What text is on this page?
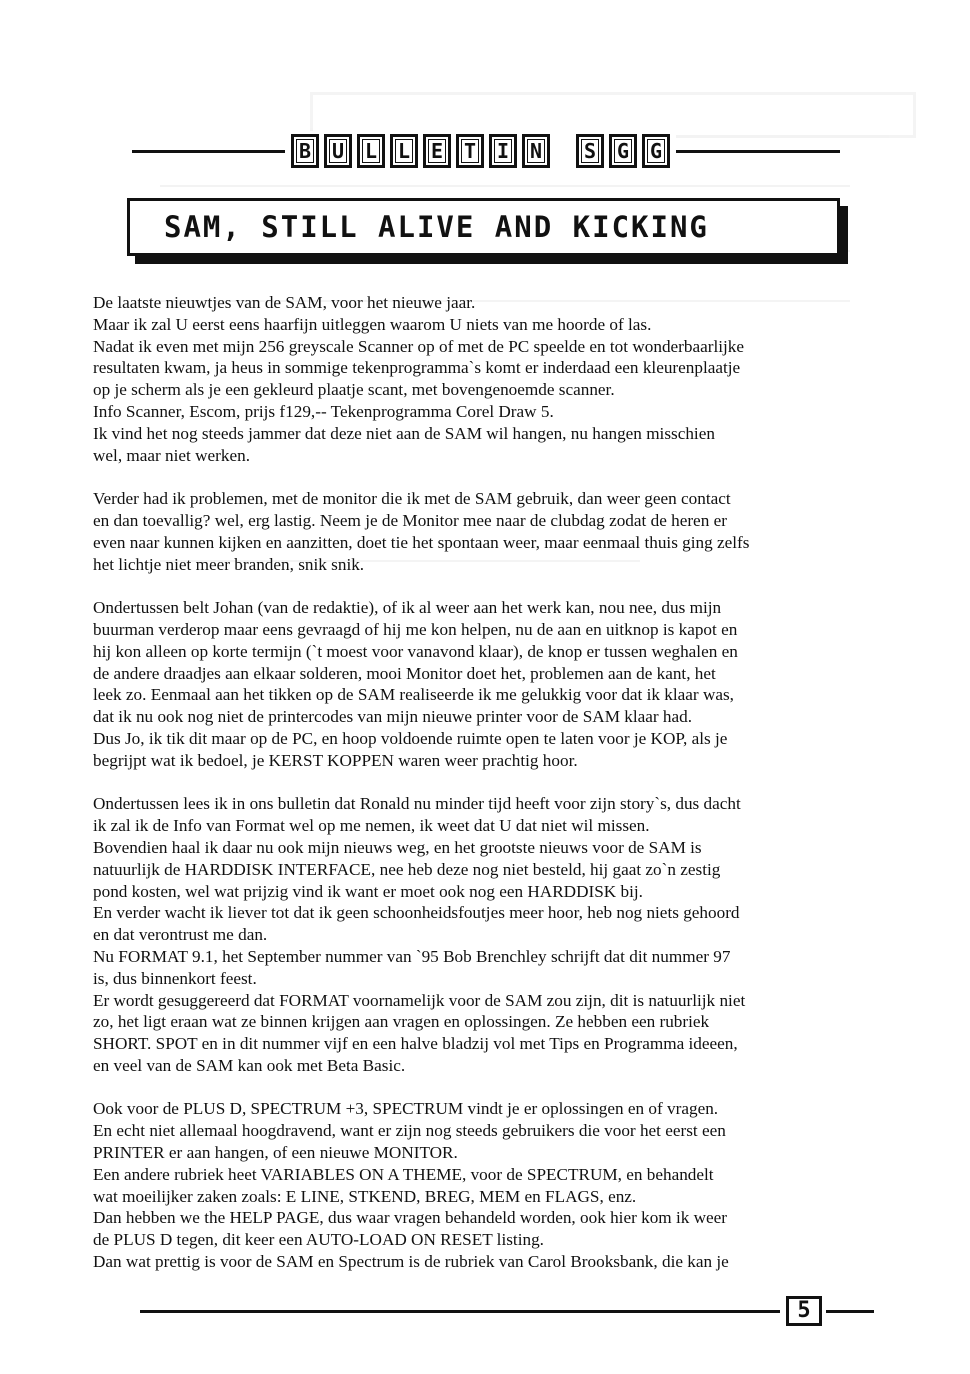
B	U	L	L	E	T	I	N	S	G	G
SAM, STILL ALIVE AND KICKING

De laatste nieuwtjes van de SAM, voor het nieuwe jaar.

Maar ik zal U eerst eens haarfijn uitleggen waarom U niets van me hoorde of las.

Nadat ik even met mijn 256 greyscale Scanner op of met de PC speelde en tot wonderbaarlijke

resultaten kwam, ja heus in sommige tekenprogramma`s komt er inderdaad een kleurenplaatje

op je scherm als je een gekleurd plaatje scant, met bovengenoemde scanner.

Info Scanner, Escom, prijs f129,-- Tekenprogramma Corel Draw 5.

Ik vind het nog steeds jammer dat deze niet aan de SAM wil hangen, nu hangen misschien

wel, maar niet werken.

Verder had ik problemen, met de monitor die ik met de SAM gebruik, dan weer geen contact

en dan toevallig? wel, erg lastig. Neem je de Monitor mee naar de clubdag zodat de heren er

even naar kunnen kijken en aanzitten, doet tie het spontaan weer, maar eenmaal thuis ging zelfs

het lichtje niet meer branden, snik snik.

Ondertussen belt Johan (van de redaktie), of ik al weer aan het werk kan, nou nee, dus mijn

buurman verderop maar eens gevraagd of hij me kon helpen, nu de aan en uitknop is kapot en

hij kon alleen op korte termijn (`t moest voor vanavond klaar), de knop er tussen weghalen en

de andere draadjes aan elkaar solderen, mooi Monitor doet het, problemen aan de kant, het

leek zo. Eenmaal aan het tikken op de SAM realiseerde ik me gelukkig voor dat ik klaar was,

dat ik nu ook nog niet de printercodes van mijn nieuwe printer voor de SAM klaar had.

Dus Jo, ik tik dit maar op de PC, en hoop voldoende ruimte open te laten voor je KOP, als je

begrijpt wat ik bedoel, je KERST KOPPEN waren weer prachtig hoor.

Ondertussen lees ik in ons bulletin dat Ronald nu minder tijd heeft voor zijn story`s, dus dacht

ik zal ik de Info van Format wel op me nemen, ik weet dat U dat niet wil missen.

Bovendien haal ik daar nu ook mijn nieuws weg, en het grootste nieuws voor de SAM is

natuurlijk de HARDDISK INTERFACE, nee heb deze nog niet besteld, hij gaat zo`n zestig

pond kosten, wel wat prijzig vind ik want er moet ook nog een HARDDISK bij.

En verder wacht ik liever tot dat ik geen schoonheidsfoutjes meer hoor, heb nog niets gehoord

en dat verontrust me dan.

Nu FORMAT 9.1, het September nummer van `95 Bob Brenchley schrijft dat dit nummer 97

is, dus binnenkort feest.

Er wordt gesuggereerd dat FORMAT voornamelijk voor de SAM zou zijn, dit is natuurlijk niet

zo, het ligt eraan wat ze binnen krijgen aan vragen en oplossingen. Ze hebben een rubriek

SHORT. SPOT en in dit nummer vijf en een halve bladzij vol met Tips en Programma ideeen,

en veel van de SAM kan ook met Beta Basic.

Ook voor de PLUS D, SPECTRUM +3, SPECTRUM vindt je er oplossingen en of vragen.

En echt niet allemaal hoogdravend, want er zijn nog steeds gebruikers die voor het eerst een

PRINTER er aan hangen, of een nieuwe MONITOR.

Een andere rubriek heet VARIABLES ON A THEME, voor de SPECTRUM, en behandelt

wat moeilijker zaken zoals: E LINE, STKEND, BREG, MEM en FLAGS, enz.

Dan hebben we the HELP PAGE, dus waar vragen behandeld worden, ook hier kom ik weer

de PLUS D tegen, dit keer een AUTO-LOAD ON RESET listing.

Dan wat prettig is voor de SAM en Spectrum is de rubriek van Carol Brooksbank, die kan je

5
